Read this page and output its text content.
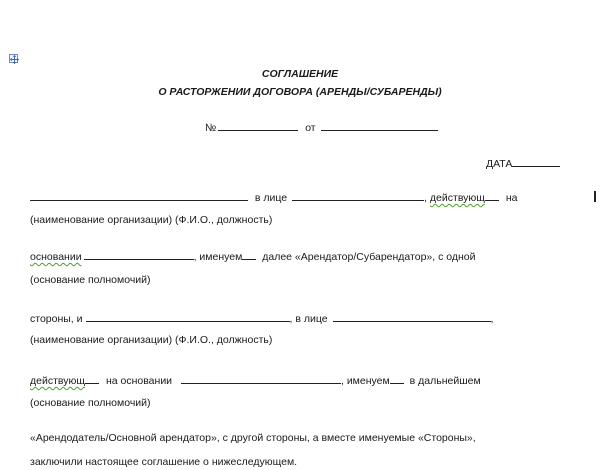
СОГЛАШЕНИЕ
О РАСТОРЖЕНИИ ДОГОВОРА (АРЕНДЫ/СУБАРЕНДЫ)
№	от
ДАТА
в лице	, действующ на
(наименование организации) (Ф.И.О., должность)
основании	, именуем далее «Арендатор/Субарендатор», с одной
(основание полномочий)
стороны, и	, в лице	,
(наименование организации) (Ф.И.О., должность)
действующ на основании	, именуем в дальнейшем
(основание полномочий)
«Арендодатель/Основной арендатор», с другой стороны, а вместе именуемые «Стороны»,
заключили настоящее соглашение о нижеследующем.
